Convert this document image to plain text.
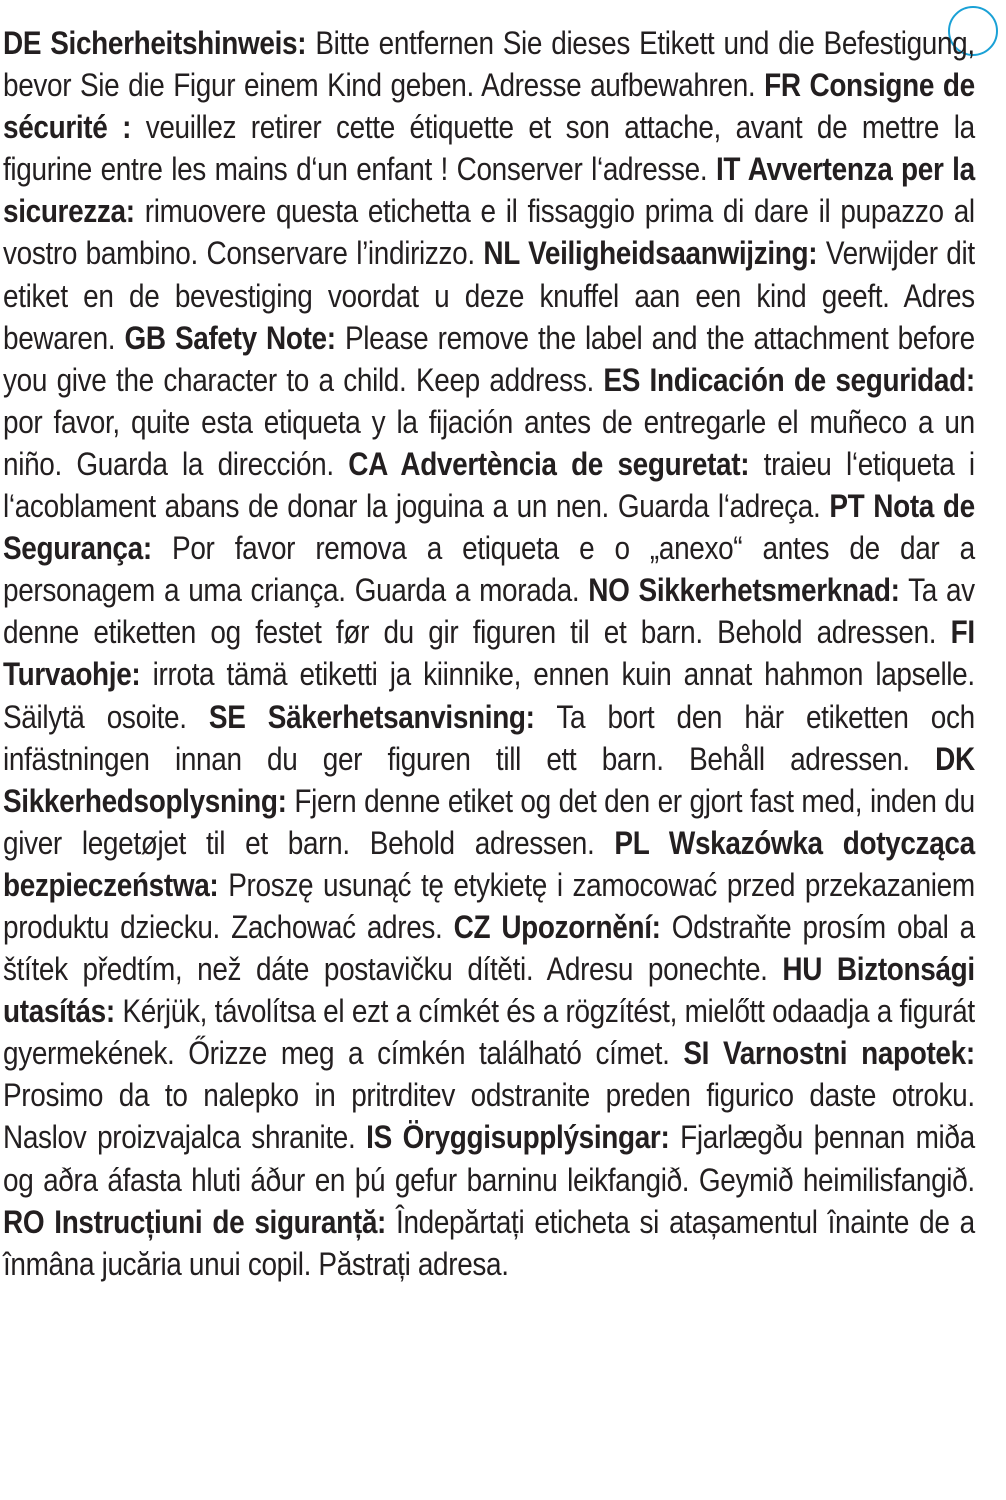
DE Sicherheitshinweis: Bitte entfernen Sie dieses Etikett und die Befestigung, bevor Sie die Figur einem Kind geben. Adresse aufbewahren. FR Consigne de sécurité : veuillez retirer cette étiquette et son attache, avant de mettre la figurine entre les mains d‘un enfant ! Conserver l‘adresse. IT Avvertenza per la sicurezza: rimuovere questa etichetta e il fissaggio prima di dare il pupazzo al vostro bambino. Conservare l’indirizzo. NL Veiligheidsaanwijzing: Verwijder dit etiket en de bevestiging voordat u deze knuffel aan een kind geeft. Adres bewaren. GB Safety Note: Please remove the label and the attachment before you give the character to a child. Keep address. ES Indicación de seguridad: por favor, quite esta etiqueta y la fijación antes de entregarle el muñeco a un niño. Guarda la dirección. CA Advertència de seguretat: traieu l‘etiqueta i l‘acoblament abans de donar la joguina a un nen. Guarda l‘adreça. PT Nota de Segurança: Por favor remova a etiqueta e o „anexo“ antes de dar a personagem a uma criança. Guarda a morada. NO Sikkerhetsmerknad: Ta av denne etiketten og festet før du gir figuren til et barn. Behold adressen. FI Turvaohje: irrota tämä etiketti ja kiinnike, ennen kuin annat hahmon lapselle. Säilytä osoite. SE Säkerhetsanvisning: Ta bort den här etiketten och infästningen innan du ger figuren till ett barn. Behåll adressen. DK Sikkerhedsoplysning: Fjern denne etiket og det den er gjort fast med, inden du giver legetøjet til et barn. Behold adressen. PL Wskazówka dotycząca bezpieczeństwa: Proszę usunąć tę etykietę i zamocować przed przekazaniem produktu dziecku. Zachować adres. CZ Upozornění: Odstraňte prosím obal a štítek předtím, než dáte postavičku dítěti. Adresu ponechte. HU Biztonsági utasítás: Kérjük, távolítsa el ezt a címkét és a rögzítést, mielőtt odaadja a figurát gyermekének. Őrizze meg a címkén található címet. SI Varnostni napotek: Prosimo da to nalepko in pritrditev odstranite preden figurico daste otroku. Naslov proizvajalca shranite. IS Öryggisupplýsingar: Fjarlægðu þennan miða og aðra áfasta hluti áður en þú gefur barninu leikfangið. Geymið heimilisfangið. RO Instrucțiuni de siguranță: Îndepărtați eticheta si atașamentul înainte de a înmâna jucăria unui copil. Păstrați adresa.
